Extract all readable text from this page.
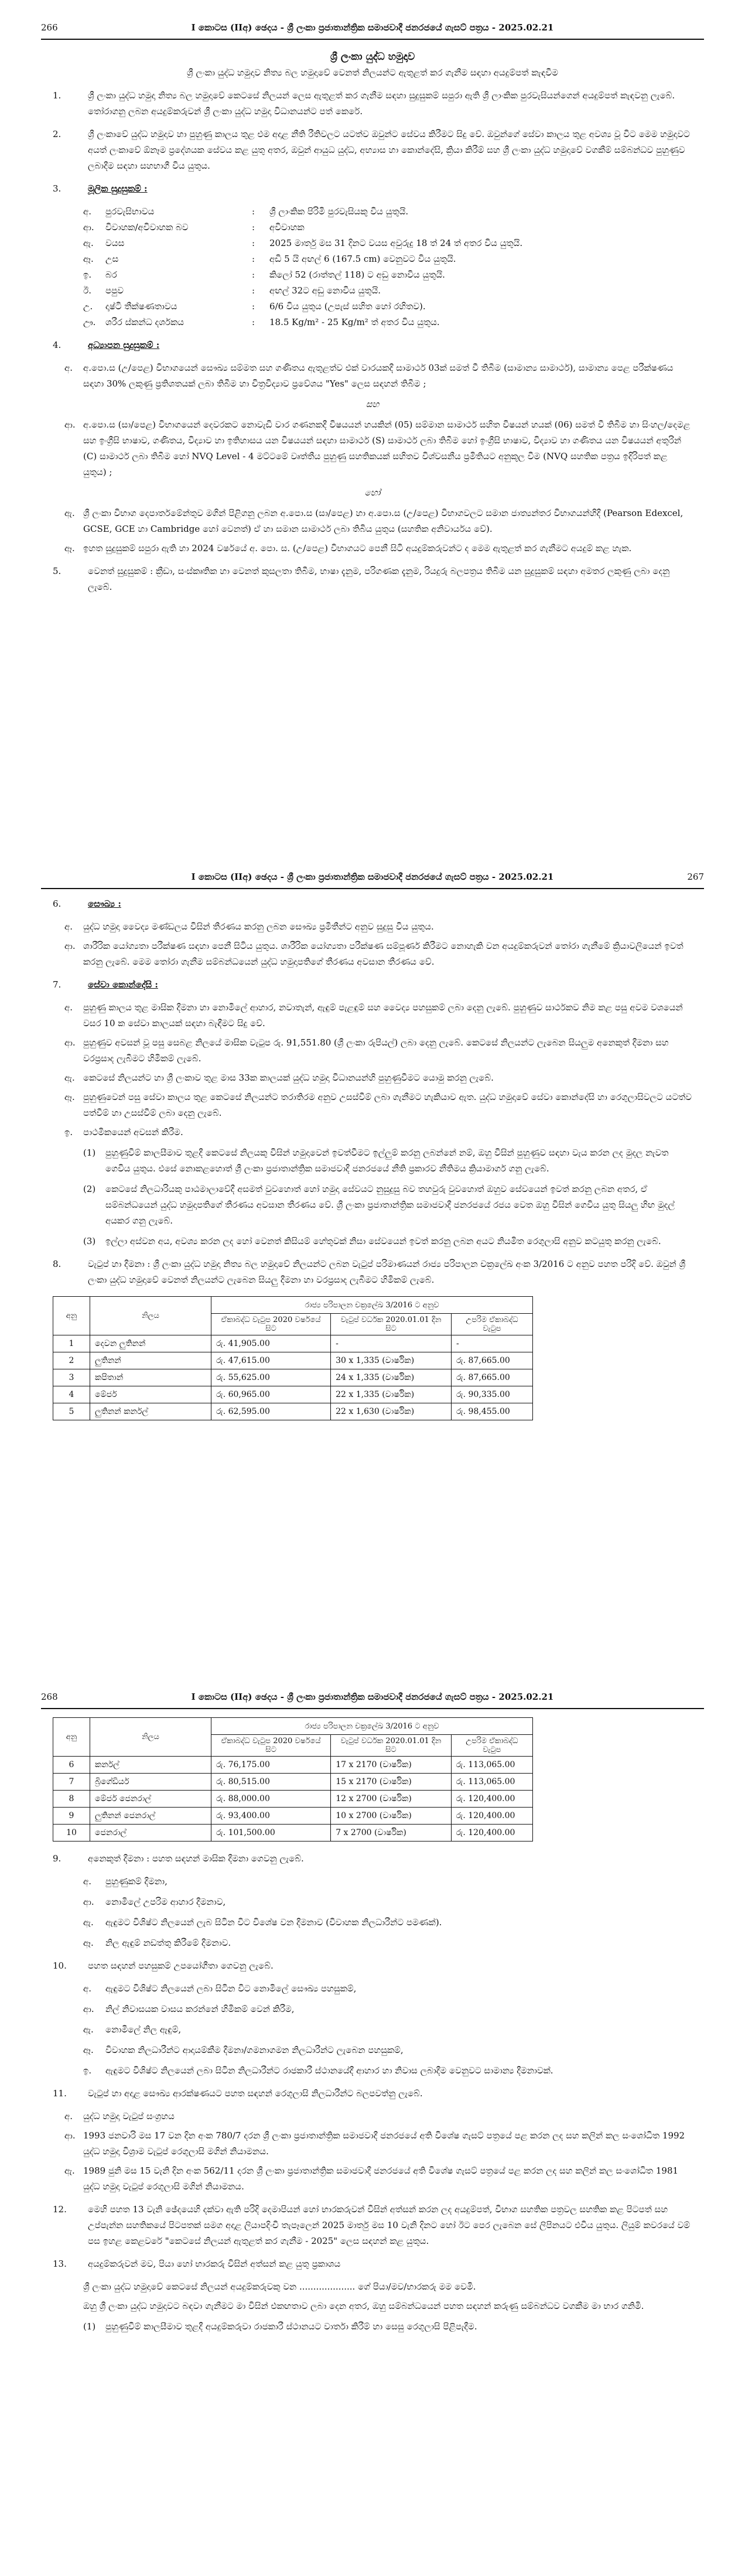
266	I කොටස (IIඅ) ඡෙදය - ශ්‍රී ලංකා ප්‍රජාතාන්ත්‍රික සමාජවාදී ජනරජයේ ගැසට් පත්‍රය - 2025.02.21
ශ්‍රී ලංකා යුද්ධ හමුදාව
ශ්‍රී ලංකා යුද්ධ හමුදාව නිත්‍ය බල හමුදාවේ වෙනත් නිලයන්ට ඇතුළත් කර ගැනීම සඳහා අයදුම්පත් කැඳවීම
1.	ශ්‍රී ලංකා යුද්ධ හමුදා නිත්‍ය බල හමුදාවේ කෙටසේ නිලයන් ලෙස ඇතුළත් කර ගැනීම සඳහා සුදුසුකම් සපුරා ඇති ශ්‍රී ලාංකික පුරවැසියන්ගෙන් අයදුම්පත් කැඳවනු ලැබේ. තෝරාගනු ලබන අයදුම්කරුවන් ශ්‍රී ලංකා යුද්ධ හමුදා විධානයන්ට පත් කෙරේ.
2.	ශ්‍රී ලංකාවේ යුද්ධ හමුදාව හා පුහුණු කාලය තුළ එම අදාළ නීති රීතිවලට යටත්ව ඔවුන්ට සේවය කිරීමට සිදු වේ. ඔවුන්ගේ සේවා කාලය තුළ අවශ්‍ය වූ විට මෙම හමුදාවට අයත් ලංකාවේ ඕනෑම ප්‍රදේශයක සේවය කළ යුතු අතර, ඔවුන් ආයුධ යුද්ධ, අභ්‍යාස හා කොන්දේසි, ක්‍රියා කිරීම් සහ ශ්‍රී ලංකා යුද්ධ හමුදාවේ වගකීම් සම්බන්ධව පුහුණුව ලබාදීම සඳහා සහභාගී විය යුතුය.
3.	මූලික සුදුසුකම් :
අ.	පුරවැසිභාවය	:	ශ්‍රී ලාංකික පිරිමි පුරවැසියකු විය යුතුයි.
ආ.	විවාහක/අවිවාහක බව	:	අවිවාහක
ඇ.	වයස	:	2025 මාර්තු මස 31 දිනට වයස අවුරුදු 18 ත් 24 ත් අතර විය යුතුයි.
ඈ.	උස	:	අඩි 5 යි අඟල් 6 (167.5 cm) වෙනුවට විය යුතුයි.
ඉ.	බර	:	කිලෝ 52 (රාත්තල් 118) ට අඩු නොවිය යුතුයි.
ඊ.	පපුව	:	අඟල් 32ට අඩු නොවිය යුතුයි.
උ.	දෘෂ්ටි තීක්ෂණතාවය	:	6/6 විය යුතුය (උපැස් සහිත හෝ රහිතව).
ඌ.	ශරීර ස්කන්ධ දර්ශකය	:	18.5 Kg/m² - 25 Kg/m² ත් අතර විය යුතුය.
4.	අධ්‍යාපන සුදුසුකම් :
අ. අ.පො.ස (උ/පෙළ) විභාගයෙන් සෞඛ්‍ය සම්මත සහ ගණිතය ඇතුළත්ව එක් වාරයකදී සාමාර්ථ 03ක් සමත් වී තිබීම (සාමාන්‍ය සාමාර්ථ), සාමාන්‍ය පෙළ පරීක්ෂණය සඳහා 30% ලකුණු ප්‍රතිශතයක් ලබා තිබීම හා චිත්‍රවිද්‍යාව ප්‍රවේශය "Yes" ලෙස සඳහන් තිබීම ;
සහ
ආ. අ.පො.ස (සා/පෙළ) විභාගයෙන් දෙවරකට නොවැඩි වාර ගණනකදී විෂයයන් හයකින් (05) සම්මාන සාමාර්ථ සහිත විෂයන් හයක් (06) සමත් වී තිබීම හා සිංහල/දෙමළ සහ ඉංග්‍රීසි භාෂාව, ගණිතය, විද්‍යාව හා ඉතිහාසය යන විෂයයන් සඳහා සාමාර්ථ (S) සාමාර්ථ ලබා තිබීම හෝ ඉංග්‍රීසි භාෂාව, විද්‍යාව හා ගණිතය යන විෂයයන් අතුරින් (C) සාමාර්ථ ලබා තිබීම හෝ NVQ Level - 4 මට්ටමේ වෘත්තීය පුහුණු සහතිකයක් සහිතව විශ්වසනීය ප්‍රමිතියට අනුකූල වීම (NVQ සහතික පත්‍රය ඉදිරිපත් කළ යුතුය) ;
හෝ
ඇ. ශ්‍රී ලංකා විභාග දෙපාර්තමේන්තුව මගින් පිළිගනු ලබන අ.පො.ස (සා/පෙළ) හා අ.පො.ස (උ/පෙළ) විභාගවලට සමාන ජාත්‍යන්තර විභාගයන්හිදී (Pearson Edexcel, GCSE, GCE හා Cambridge හෝ වෙනත්) ඒ හා සමාන සාමාර්ථ ලබා තිබිය යුතුය (සහතික අනිවාර්යය වේ).
ඈ. ඉහත සුදුසුකම් සපුරා ඇති හා 2024 වර්ෂයේ අ. පො. ස. (උ/පෙළ) විභාගයට පෙනී සිටි අයදුම්කරුවන්ට ද මෙම ඇතුළත් කර ගැනීමට අයදුම් කළ හැක.
5.	වෙනත් සුදුසුකම් : ක්‍රීඩා, සංස්කෘතික හා වෙනත් කුසලතා තිබීම, භාෂා දැනුම, පරිගණක දැනුම, රියදුරු බලපත්‍රය තිබීම යන සුදුසුකම් සඳහා අමතර ලකුණු ලබා දෙනු ලැබේ.
I කොටස (IIඅ) ඡෙදය - ශ්‍රී ලංකා ප්‍රජාතාන්ත්‍රික සමාජවාදී ජනරජයේ ගැසට් පත්‍රය - 2025.02.21	267
6.	සෞඛ්‍ය :
අ. යුද්ධ හමුදා වෛද්‍ය මණ්ඩලය විසින් තීරණය කරනු ලබන සෞඛ්‍ය ප්‍රමිතීන්ට අනුව සුදුසු විය යුතුය.
ආ. ශාරීරික යෝග්‍යතා පරීක්ෂණ සඳහා පෙනී සිටිය යුතුය. ශාරීරික යෝග්‍යතා පරීක්ෂණ සම්පූර්ණ කිරීමට නොහැකි වන අයදුම්කරුවන් තෝරා ගැනීමේ ක්‍රියාවලියෙන් ඉවත් කරනු ලැබේ. මෙම තෝරා ගැනීම සම්බන්ධයෙන් යුද්ධ හමුදාපතිගේ තීරණය අවසාන තීරණය වේ.
7.	සේවා කොන්දේසි :
අ. පුහුණු කාලය තුළ මාසික දීමනා හා නොමිලේ ආහාර, නවාතැන්, ඇඳුම් පැළඳුම් සහ වෛද්‍ය පහසුකම් ලබා දෙනු ලැබේ. පුහුණුව සාර්ථකව නිම කළ පසු අවම වශයෙන් වසර 10 ක සේවා කාලයක් සඳහා බැඳීමට සිදු වේ.
ආ. පුහුණුව අවසන් වූ පසු සෙබළ නිලයේ මාසික වැටුප රු. 91,551.80 (ශ්‍රී ලංකා රුපියල්) ලබා දෙනු ලැබේ. කෙටසේ නිලයන්ට ලැබෙන සියලුම අනෙකුත් දීමනා සහ වරප්‍රසාද ලැබීමට හිමිකම් ලැබේ.
ඇ. කෙටසේ නිලයන්ට හා ශ්‍රී ලංකාව තුළ මාස 33ක කාලයක් යුද්ධ හමුදා විධානයන්හි පුහුණුවීමට යොමු කරනු ලැබේ.
ඈ. පුහුණුවෙන් පසු සේවා කාලය තුළ කෙටසේ නිලයන්ට තරාතිරම අනුව උසස්වීම් ලබා ගැනීමට හැකියාව ඇත. යුද්ධ හමුදාවේ සේවා කොන්දේසි හා රෙගුලාසිවලට යටත්ව පත්වීම් හා උසස්වීම් ලබා දෙනු ලැබේ.
ඉ. පාථමිකයෙන් අවසන් කිරීම.
(1) පුහුණුවීම් කාලසීමාව තුළදී කෙටසේ නිලයකු විසින් හමුදාවෙන් ඉවත්වීමට ඉල්ලුම් කරනු ලබන්නේ නම්, ඔහු විසින් පුහුණුව සඳහා වැය කරන ලද මුදල නැවත ගෙවිය යුතුය. එසේ නොකළහොත් ශ්‍රී ලංකා ප්‍රජාතාන්ත්‍රික සමාජවාදී ජනරජයේ නීති ප්‍රකාරව නීතිමය ක්‍රියාමාර්ග ගනු ලැබේ.
(2) කෙටසේ නිලධාරියකු පාඨමාලාවේදී අසමත් වුවහොත් හෝ හමුදා සේවයට නුසුදුසු බව තහවුරු වුවහොත් ඔහුව සේවයෙන් ඉවත් කරනු ලබන අතර, ඒ සම්බන්ධයෙන් යුද්ධ හමුදාපතිගේ තීරණය අවසාන තීරණය වේ. ශ්‍රී ලංකා ප්‍රජාතාන්ත්‍රික සමාජවාදී ජනරජයේ රජය වෙත ඔහු විසින් ගෙවිය යුතු සියලු හිඟ මුදල් අයකර ගනු ලැබේ.
(3) ඉල්ලා අස්වන අය, අවශ්‍ය කරන ලද හෝ වෙනත් කිසියම් හේතුවක් නිසා සේවයෙන් ඉවත් කරනු ලබන අයට නියමිත රෙගුලාසි අනුව කටයුතු කරනු ලැබේ.
8.	වැටුප් හා දීමනා : ශ්‍රී ලංකා යුද්ධ හමුදා නිත්‍ය බල හමුදාවේ නිලයන්ට ලබන වැටුප් පරිමාණයන් රාජ්‍ය පරිපාලන චක්‍රලේඛ අංක 3/2016 ට අනුව පහත පරිදි වේ. ඔවුන් ශ්‍රී ලංකා යුද්ධ හමුදාවේ වෙනත් නිලයන්ට ලැබෙන සියලු දීමනා හා වරප්‍රසාද ලැබීමට හිමිකම් ලැබේ.
අනු	නිලය	රාජ්‍ය පරිපාලන චක්‍රලේඛ 3/2016 ට අනුව		
		ඒකාබද්ධ වැටුප 2020 වර්ෂයේ සිට	වැටුප් වර්ධක 2020.01.01 දින සිට	උපරිම ඒකාබද්ධ වැටුප
1	දෙවන ලුතිනන්	රු. 41,905.00	-	-
2	ලුතිනන්	රු. 47,615.00	30 x 1,335 (වාර්ෂික)	රු. 87,665.00
3	කපිතාන්	රු. 55,625.00	24 x 1,335 (වාර්ෂික)	රු. 87,665.00
4	මේජර්	රු. 60,965.00	22 x 1,335 (වාර්ෂික)	රු. 90,335.00
5	ලුතිනන් කර්නල්	රු. 62,595.00	22 x 1,630 (වාර්ෂික)	රු. 98,455.00
268	I කොටස (IIඅ) ඡෙදය - ශ්‍රී ලංකා ප්‍රජාතාන්ත්‍රික සමාජවාදී ජනරජයේ ගැසට් පත්‍රය - 2025.02.21
අනු	නිලය	රාජ්‍ය පරිපාලන චක්‍රලේඛ 3/2016 ට අනුව		
		ඒකාබද්ධ වැටුප 2020 වර්ෂයේ සිට	වැටුප් වර්ධක 2020.01.01 දින සිට	උපරිම ඒකාබද්ධ වැටුප
6	කර්නල්	රු. 76,175.00	17 x 2170 (වාර්ෂික)	රු. 113,065.00
7	බ්‍රිගේඩියර්	රු. 80,515.00	15 x 2170 (වාර්ෂික)	රු. 113,065.00
8	මේජර් ජෙනරාල්	රු. 88,000.00	12 x 2700 (වාර්ෂික)	රු. 120,400.00
9	ලුතිනන් ජෙනරාල්	රු. 93,400.00	10 x 2700 (වාර්ෂික)	රු. 120,400.00
10	ජෙනරාල්	රු. 101,500.00	7 x 2700 (වාර්ෂික)	රු. 120,400.00
9.	අනෙකුත් දීමනා : පහත සඳහන් මාසික දීමනා ගෙවනු ලැබේ.
අ. පුහුණුකම් දීමනා,
ආ. නොමිලේ උපරිම ආහාර දීමනාව,
ඇ. ඇඳුමට විශිෂ්ට නිලයෙන් ලැබ සිටින විට විශේෂ වන දීමනාව (විවාහක නිලධාරීන්ට පමණක්).
ඈ. නිල ඇඳුම් නඩත්තු කිරීමේ දීමනාව.
10. පහත සඳහන් පහසුකම් උපයෝගීතා ගෙවනු ලැබේ.
අ. ඇඳුමට විශිෂ්ට නිලයෙන් ලබා සිටින විට නොමිලේ සෞඛ්‍ය පහසුකම්,
ආ. නිල් නිවාසයක වාසය කරන්නේ හිමිකම් වෙන් කිරීම,
ඇ. නොමිලේ නිල ඇඳුම්,
ඈ. විවාහක නිලධාරීන්ට ආදායම්කීම දීමනා/ගමනාගමන නිලධාරීන්ට ලැබෙන පහසුකම්,
ඉ. ඇඳුමට විශිෂ්ට නිලයෙන් ලබා සිටින නිලධාරීන්ට රාජකාරී ස්ථානයේදී ආහාර හා නිවාස ලබාදීම වෙනුවට සාමාන්‍ය දීමනාවක්.
11. වැටුප් හා අදාළ සෞඛ්‍ය ආරක්ෂණයට පහත සඳහන් රෙගුලාසි නිලධාරීන්ට බලපවත්නු ලැබේ.
අ. යුද්ධ හමුදා වැටුප් සංග්‍රහය
ආ. 1993 ජනවාරි මස 17 වන දින අංක 780/7 දරන ශ්‍රී ලංකා ප්‍රජාතාන්ත්‍රික සමාජවාදී ජනරජයේ අති විශේෂ ගැසට් පත්‍රයේ පළ කරන ලද සහ කලින් කල සංශෝධිත 1992 යුද්ධ හමුදා විශ්‍රාම වැටුප් රෙගුලාසි මගින් නියාමනය.
ඇ. 1989 ජුනි මස 15 වැනි දින අංක 562/11 දරන ශ්‍රී ලංකා ප්‍රජාතාන්ත්‍රික සමාජවාදී ජනරජයේ අති විශේෂ ගැසට් පත්‍රයේ පළ කරන ලද සහ කලින් කල සංශෝධිත 1981 යුද්ධ හමුදා වැටුප් රෙගුලාසි මගින් නියාමනය.
12. මෙහි පහත 13 වැනි ඡේදයෙහි දක්වා ඇති පරිදි දෙමාපියන් හෝ භාරකරුවන් විසින් අත්සන් කරන ලද අයදුම්පත්, විභාග සහතික පත්‍රවල සහතික කළ පිටපත් සහ උප්පැන්න සහතිකයේ පිටපතක් සමග අදාළ ලියාපදිංචි තැපෑලෙන් 2025 මාර්තු මස 10 වැනි දිනට හෝ ඊට පෙර ලැබෙන සේ ලිපිනයට එවිය යුතුය. ලියුම් කවරයේ වම් පස ඉහළ කෙළවරේ "කෙටසේ නිලයන් ඇතුළත් කර ගැනීම - 2025" ලෙස සඳහන් කළ යුතුය.
13. අයදුම්කරුවන් මව, පියා හෝ භාරකරු විසින් අත්සන් කළ යුතු ප්‍රකාශය
ශ්‍රී ලංකා යුද්ධ හමුදාවේ කෙටසේ නිලයන් අයදුම්කරුවකු වන .................... ගේ පියා/මව/භාරකරු මම වෙමි.
ඔහු ශ්‍රී ලංකා යුද්ධ හමුදාවට බඳවා ගැනීමට මා විසින් එකඟතාව ලබා දෙන අතර, ඔහු සම්බන්ධයෙන් පහත සඳහන් කරුණු සම්බන්ධව වගකීම මා භාර ගනිමි.
(1) පුහුණුවීම් කාලසීමාව තුළදී අයදුම්කරුවා රාජකාරී ස්ථානයට වාර්තා කිරීම් හා සෙසු රෙගුලාසි පිළිපැදීම.
